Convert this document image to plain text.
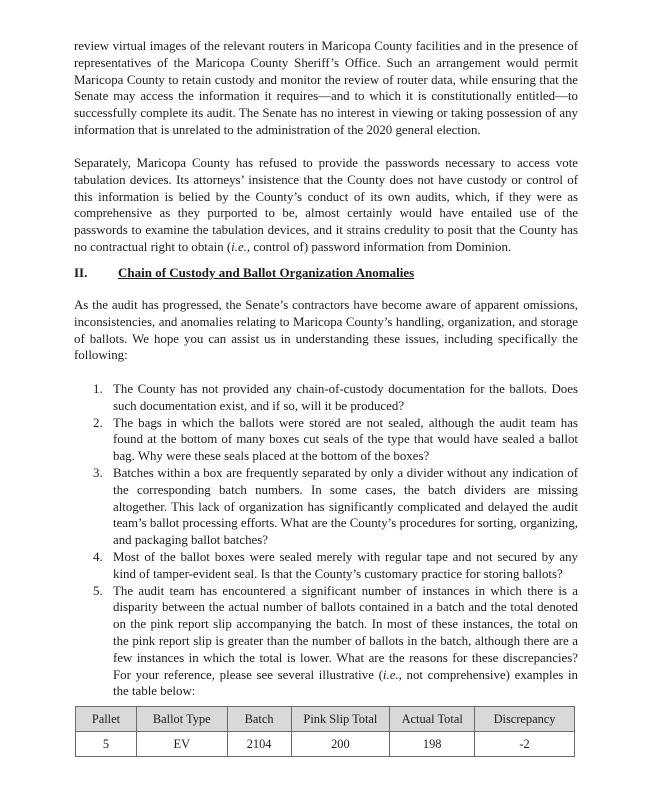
review virtual images of the relevant routers in Maricopa County facilities and in the presence of representatives of the Maricopa County Sheriff’s Office. Such an arrangement would permit Maricopa County to retain custody and monitor the review of router data, while ensuring that the Senate may access the information it requires—and to which it is constitutionally entitled—to successfully complete its audit. The Senate has no interest in viewing or taking possession of any information that is unrelated to the administration of the 2020 general election.

Separately, Maricopa County has refused to provide the passwords necessary to access vote tabulation devices. Its attorneys’ insistence that the County does not have custody or control of this information is belied by the County’s conduct of its own audits, which, if they were as comprehensive as they purported to be, almost certainly would have entailed use of the passwords to examine the tabulation devices, and it strains credulity to posit that the County has no contractual right to obtain (i.e., control of) password information from Dominion.

II. Chain of Custody and Ballot Organization Anomalies

As the audit has progressed, the Senate’s contractors have become aware of apparent omissions, inconsistencies, and anomalies relating to Maricopa County’s handling, organization, and storage of ballots. We hope you can assist us in understanding these issues, including specifically the following:

1. The County has not provided any chain-of-custody documentation for the ballots. Does such documentation exist, and if so, will it be produced?
2. The bags in which the ballots were stored are not sealed, although the audit team has found at the bottom of many boxes cut seals of the type that would have sealed a ballot bag. Why were these seals placed at the bottom of the boxes?
3. Batches within a box are frequently separated by only a divider without any indication of the corresponding batch numbers. In some cases, the batch dividers are missing altogether. This lack of organization has significantly complicated and delayed the audit team’s ballot processing efforts. What are the County’s procedures for sorting, organizing, and packaging ballot batches?
4. Most of the ballot boxes were sealed merely with regular tape and not secured by any kind of tamper-evident seal. Is that the County’s customary practice for storing ballots?
5. The audit team has encountered a significant number of instances in which there is a disparity between the actual number of ballots contained in a batch and the total denoted on the pink report slip accompanying the batch. In most of these instances, the total on the pink report slip is greater than the number of ballots in the batch, although there are a few instances in which the total is lower. What are the reasons for these discrepancies? For your reference, please see several illustrative (i.e., not comprehensive) examples in the table below:
Pallet	Ballot Type	Batch	Pink Slip Total	Actual Total	Discrepancy
5	EV	2104	200	198	-2
